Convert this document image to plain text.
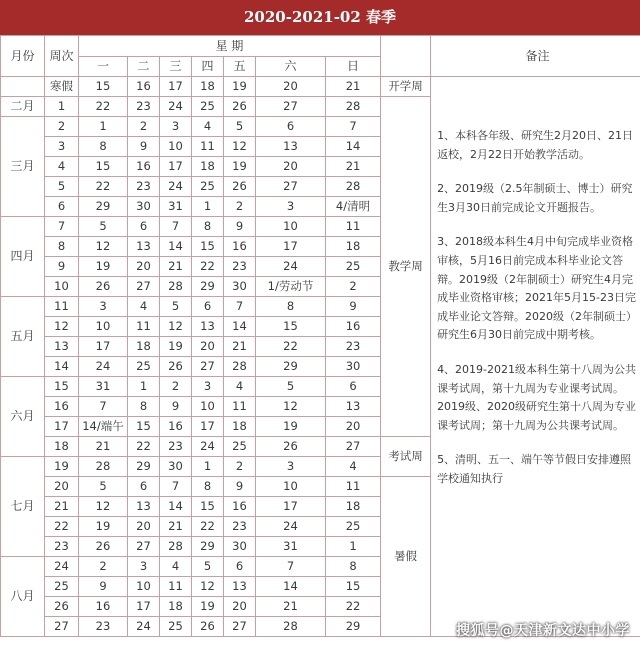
2020-2021-02 春季
月份	周次	星 期								备注
		一	二	三	四	五	六	日		
	寒假	15	16	17	18	19	20	21	开学周	1、本科各年级、研究生2月20日、21日返校，2月22日开始教学活动。

2、2019级（2.5年制硕士、博士）研究生3月30日前完成论文开题报告。

3、2018级本科生4月中旬完成毕业资格审核，5月16日前完成本科毕业论文答辩。2019级（2年制硕士）研究生4月完成毕业资格审核；2021年5月15-23日完成毕业论文答辩。2020级（2年制硕士）研究生6月30日前完成中期考核。

4、2019-2021级本科生第十八周为公共课考试周，第十九周为专业课考试周。2019级、2020级研究生第十八周为专业课考试周；第十九周为公共课考试周。

5、清明、五一、端午等节假日安排遵照学校通知执行

二月	1	22	23	24	25	26	27	28	教学周	
三月	2	1	2	3	4	5	6	7		
	3	8	9	10	11	12	13	14		
	4	15	16	17	18	19	20	21		
	5	22	23	24	25	26	27	28		
	6	29	30	31	1	2	3	4/清明		
四月	7	5	6	7	8	9	10	11		
	8	12	13	14	15	16	17	18		
	9	19	20	21	22	23	24	25		
	10	26	27	28	29	30	1/劳动节	2		
五月	11	3	4	5	6	7	8	9		
	12	10	11	12	13	14	15	16		
	13	17	18	19	20	21	22	23		
	14	24	25	26	27	28	29	30		
六月	15	31	1	2	3	4	5	6		
	16	7	8	9	10	11	12	13		
	17	14/端午	15	16	17	18	19	20		
	18	21	22	23	24	25	26	27	考试周	
七月	19	28	29	30	1	2	3	4		
	20	5	6	7	8	9	10	11	暑假	
	21	12	13	14	15	16	17	18		
	22	19	20	21	22	23	24	25		
	23	26	27	28	29	30	31	1		
八月	24	2	3	4	5	6	7	8		
	25	9	10	11	12	13	14	15		
	26	16	17	18	19	20	21	22		
	27	23	24	25	26	27	28	29			搜狐号@天津新文达中小学
